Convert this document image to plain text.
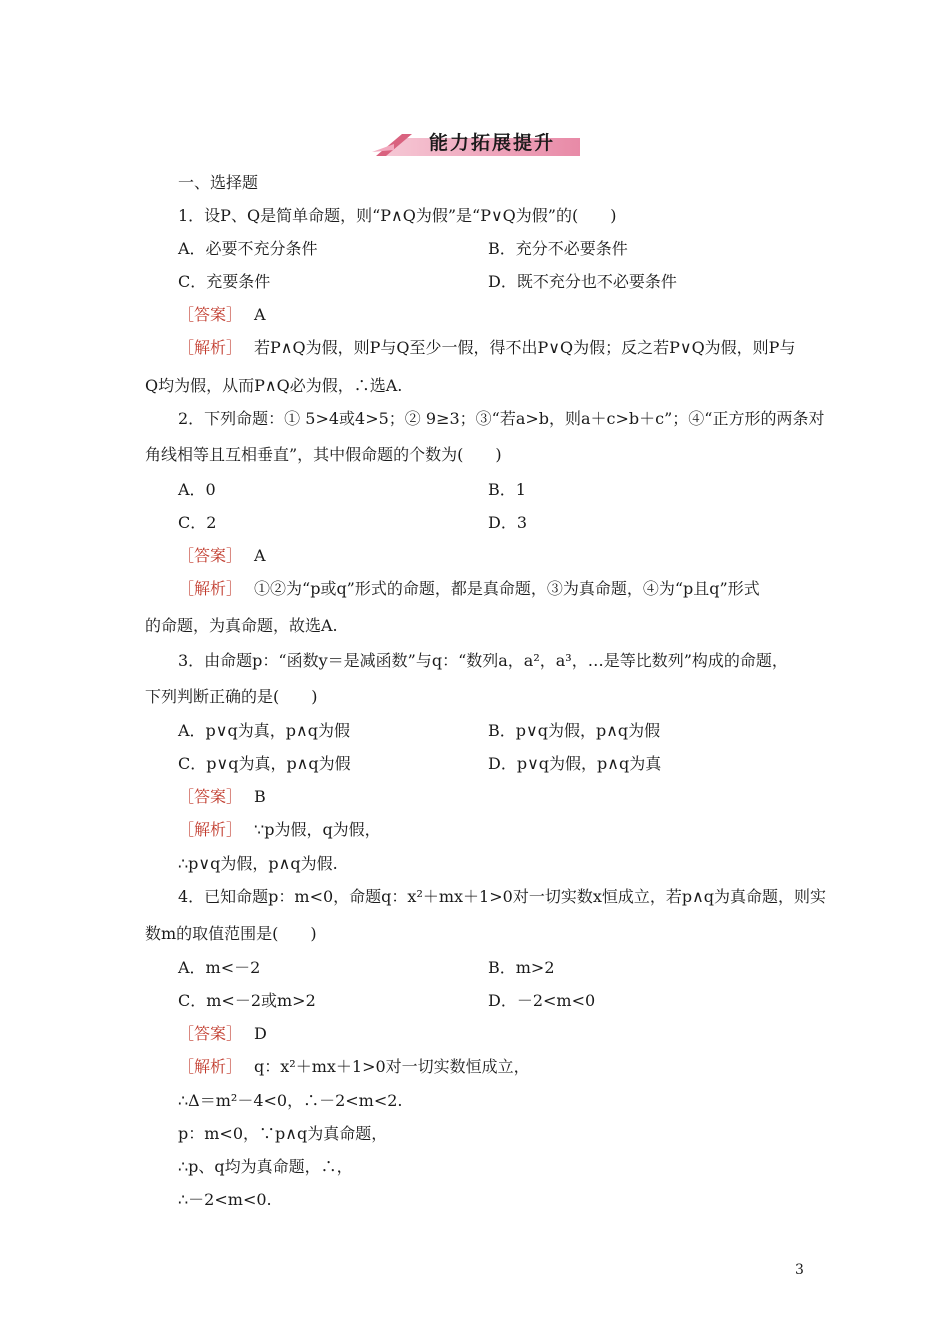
能力拓展提升
一、选择题
1．设P、Q是简单命题，则“P∧Q为假”是“P∨Q为假”的(　　)
A．必要不充分条件	B．充分不必要条件
C．充要条件	D．既不充分也不必要条件
［答案］ A
［解析］ 若P∧Q为假，则P与Q至少一假，得不出P∨Q为假；反之若P∨Q为假，则P与
Q均为假，从而P∧Q必为假，∴选A.
2．下列命题：① 5>4或4>5；② 9≥3；③“若a>b，则a＋c>b＋c”；④“正方形的两条对
角线相等且互相垂直”，其中假命题的个数为(　　)
A．0	B．1
C．2	D．3
［答案］ A
［解析］ ①②为“p或q”形式的命题，都是真命题，③为真命题，④为“p且q”形式
的命题，为真命题，故选A.
3．由命题p：“函数y＝是减函数”与q：“数列a，a²，a³，…是等比数列”构成的命题，
下列判断正确的是(　　)
A．p∨q为真，p∧q为假	B．p∨q为假，p∧q为假
C．p∨q为真，p∧q为假	D．p∨q为假，p∧q为真
［答案］ B
［解析］ ∵p为假，q为假，
∴p∨q为假，p∧q为假.
4．已知命题p：m<0，命题q：x²＋mx＋1>0对一切实数x恒成立，若p∧q为真命题，则实
数m的取值范围是(　　)
A．m<－2	B．m>2
C．m<－2或m>2	D．－2<m<0
［答案］ D
［解析］ q：x²＋mx＋1>0对一切实数恒成立，
∴Δ＝m²－4<0，∴－2<m<2.
p：m<0，∵p∧q为真命题，
∴p、q均为真命题，∴，
∴－2<m<0.
3
